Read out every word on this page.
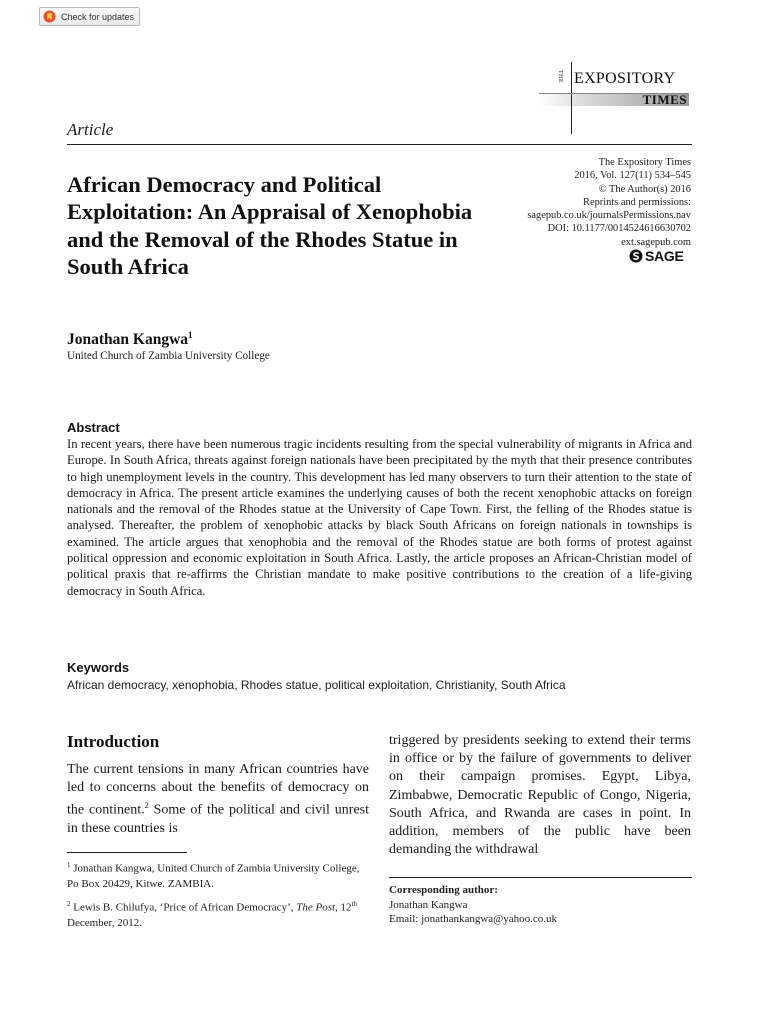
Check for updates
THE EXPOSITORY
TIMES
Article
African Democracy and Political Exploitation: An Appraisal of Xenophobia and the Removal of the Rhodes Statue in South Africa
The Expository Times
2016, Vol. 127(11) 534–545
© The Author(s) 2016
Reprints and permissions:
sagepub.co.uk/journalsPermissions.nav
DOI: 10.1177/0014524616630702
ext.sagepub.com
SAGE
Jonathan Kangwa$^1$
United Church of Zambia University College
Abstract

In recent years, there have been numerous tragic incidents resulting from the special vulnerability of migrants in Africa and Europe. In South Africa, threats against foreign nationals have been precipitated by the myth that their presence contributes to high unemployment levels in the country. This development has led many observers to turn their attention to the state of democracy in Africa. The present article examines the underlying causes of both the recent xenophobic attacks on foreign nationals and the removal of the Rhodes statue at the University of Cape Town. First, the felling of the Rhodes statue is analysed. Thereafter, the problem of xenophobic attacks by black South Africans on foreign nationals in townships is examined. The article argues that xenophobia and the removal of the Rhodes statue are both forms of protest against political oppression and economic exploitation in South Africa. Lastly, the article proposes an African-Christian model of political praxis that re-affirms the Christian mandate to make positive contributions to the creation of a life-giving democracy in South Africa.

Keywords
African democracy, xenophobia, Rhodes statue, political exploitation, Christianity, South Africa
Introduction

The current tensions in many African countries have led to concerns about the benefits of democracy on the continent.$^2$ Some of the political and civil unrest in these countries is

triggered by presidents seeking to extend their terms in office or by the failure of governments to deliver on their campaign promises. Egypt, Libya, Zimbabwe, Democratic Republic of Congo, Nigeria, South Africa, and Rwanda are cases in point. In addition, members of the public have been demanding the withdrawal

$^1$ Jonathan Kangwa, United Church of Zambia University College, Po Box 20429, Kitwe. ZAMBIA.
$^2$ Lewis B. Chilufya, ‘Price of African Democracy’, The Post, 12th December, 2012.
Corresponding author:
Jonathan Kangwa
Email: jonathankangwa@yahoo.co.uk
